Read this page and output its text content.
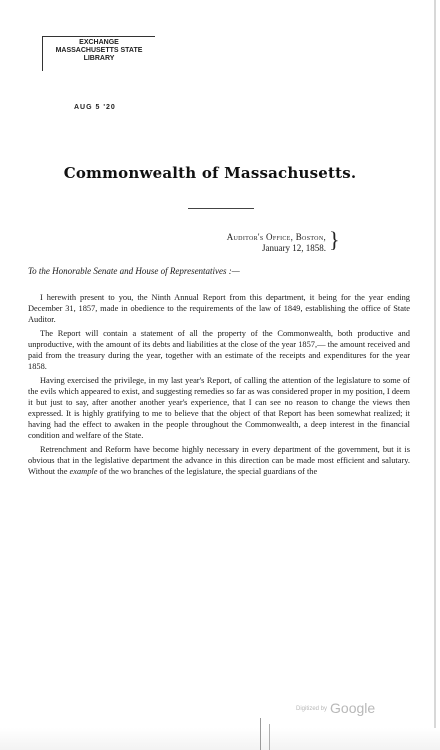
EXCHANGE
MASSACHUSETTS STATE
LIBRARY
AUG 5 '20
Commonwealth of Massachusetts.
Auditor's Office, Boston,
January 12, 1858. }
To the Honorable Senate and House of Representatives :—

I herewith present to you, the Ninth Annual Report from this department, it being for the year ending December 31, 1857, made in obedience to the requirements of the law of 1849, establishing the office of State Auditor.

The Report will contain a statement of all the property of the Commonwealth, both productive and unproductive, with the amount of its debts and liabilities at the close of the year 1857,— the amount received and paid from the treasury during the year, together with an estimate of the receipts and expenditures for the year 1858.

Having exercised the privilege, in my last year's Report, of calling the attention of the legislature to some of the evils which appeared to exist, and suggesting remedies so far as was considered proper in my position, I deem it but just to say, after another another year's experience, that I can see no reason to change the views then expressed. It is highly gratifying to me to believe that the object of that Report has been somewhat realized; it having had the effect to awaken in the people throughout the Commonwealth, a deep interest in the financial condition and welfare of the State.

Retrenchment and Reform have become highly necessary in every department of the government, but it is obvious that in the legislative department the advance in this direction can be made most efficient and salutary. Without the example of the wo branches of the legislature, the special guardians of the

Digitized by Google
